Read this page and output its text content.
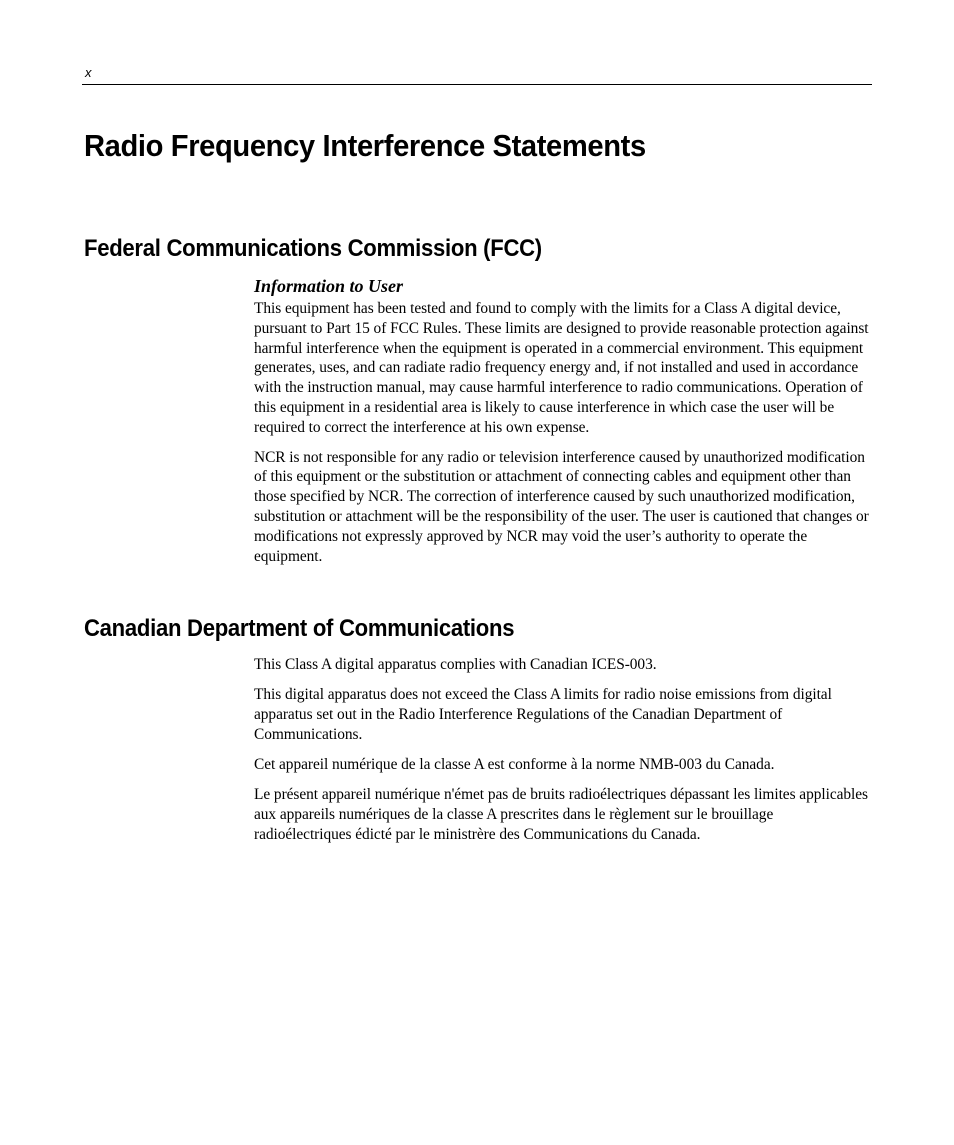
x
Radio Frequency Interference Statements
Federal Communications Commission (FCC)
Information to User

This equipment has been tested and found to comply with the limits for a Class A digital device, pursuant to Part 15 of FCC Rules. These limits are designed to provide reasonable protection against harmful interference when the equipment is operated in a commercial environment. This equipment generates, uses, and can radiate radio frequency energy and, if not installed and used in accordance with the instruction manual, may cause harmful interference to radio communications. Operation of this equipment in a residential area is likely to cause interference in which case the user will be required to correct the interference at his own expense.

NCR is not responsible for any radio or television interference caused by unauthorized modification of this equipment or the substitution or attachment of connecting cables and equipment other than those specified by NCR. The correction of interference caused by such unauthorized modification, substitution or attachment will be the responsibility of the user. The user is cautioned that changes or modifications not expressly approved by NCR may void the user’s authority to operate the equipment.

Canadian Department of Communications

This Class A digital apparatus complies with Canadian ICES-003.

This digital apparatus does not exceed the Class A limits for radio noise emissions from digital apparatus set out in the Radio Interference Regulations of the Canadian Department of Communications.

Cet appareil numérique de la classe A est conforme à la norme NMB-003 du Canada.

Le présent appareil numérique n'émet pas de bruits radioélectriques dépassant les limites applicables aux appareils numériques de la classe A prescrites dans le règlement sur le brouillage radioélectriques édicté par le ministrère des Communications du Canada.
